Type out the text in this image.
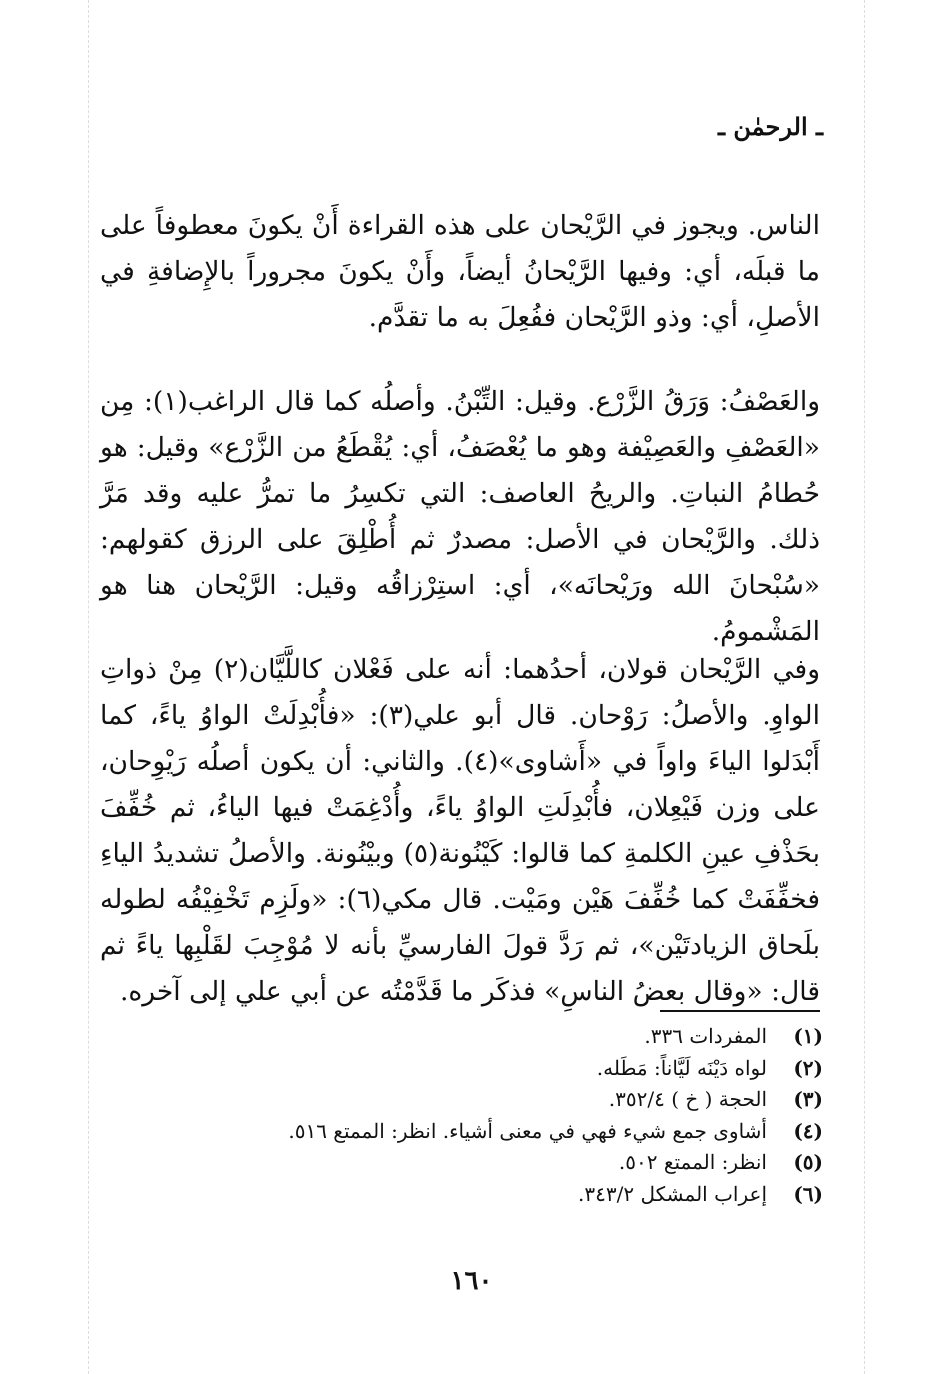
ـ الرحمٰن ـ

الناس. ويجوز في الرَّيْحان على هذه القراءة أَنْ يكونَ معطوفاً على ما قبلَه، أي: وفيها الرَّيْحانُ أيضاً، وأَنْ يكونَ مجروراً بالإِضافةِ في الأصلِ، أي: وذو الرَّيْحان ففُعِلَ به ما تقدَّم.

والعَصْفُ: وَرَقُ الزَّرْع. وقيل: التِّبْنُ. وأصلُه كما قال الراغب(١): مِن «العَصْفِ والعَصِيْفة وهو ما يُعْصَفُ، أي: يُقْطَعُ من الزَّرْع» وقيل: هو حُطامُ النباتِ. والريحُ العاصف: التي تكسِرُ ما تمرُّ عليه وقد مَرَّ ذلك. والرَّيْحان في الأصل: مصدرٌ ثم أُطْلِقَ على الرزق كقولهم: «سُبْحانَ الله ورَيْحانَه»، أي: استِرْزاقُه وقيل: الرَّيْحان هنا هو المَشْمومُ.

وفي الرَّيْحان قولان، أحدُهما: أنه على فَعْلان كاللَّيَّان(٢) مِنْ ذواتِ الواوِ. والأصلُ: رَوْحان. قال أبو علي(٣): «فأُبْدِلَتْ الواوُ ياءً، كما أَبْدَلوا الياءَ واواً في «أَشاوى»(٤). والثاني: أن يكون أصلُه رَيْوِحان، على وزن فَيْعِلان، فأُبْدِلَتِ الواوُ ياءً، وأُدْغِمَتْ فيها الياءُ، ثم خُفِّفَ بحَذْفِ عينِ الكلمةِ كما قالوا: كَيْنُونة(٥) وبيْنُونة. والأصلُ تشديدُ الياءِ فخفِّفَتْ كما خُفِّفَ هَيْن ومَيْت. قال مكي(٦): «ولَزِم تَخْفِيْفُه لطوله بلَحاق الزيادتَيْن»، ثم رَدَّ قولَ الفارسيِّ بأنه لا مُوْجِبَ لقَلْبِها ياءً ثم قال: «وقال بعضُ الناسِ» فذكَر ما قَدَّمْتُه عن أبي علي إلى آخره.

(١)المفردات ٣٣٦.
(٢)لواه دَيْنَه لَيَّاناً: مَطَله.
(٣)الحجة ( خ ) ٣٥٢/٤.
(٤)أشاوى جمع شيء فهي في معنى أشياء. انظر: الممتع ٥١٦.
(٥)انظر: الممتع ٥٠٢.
(٦)إعراب المشكل ٣٤٣/٢.
١٦٠
